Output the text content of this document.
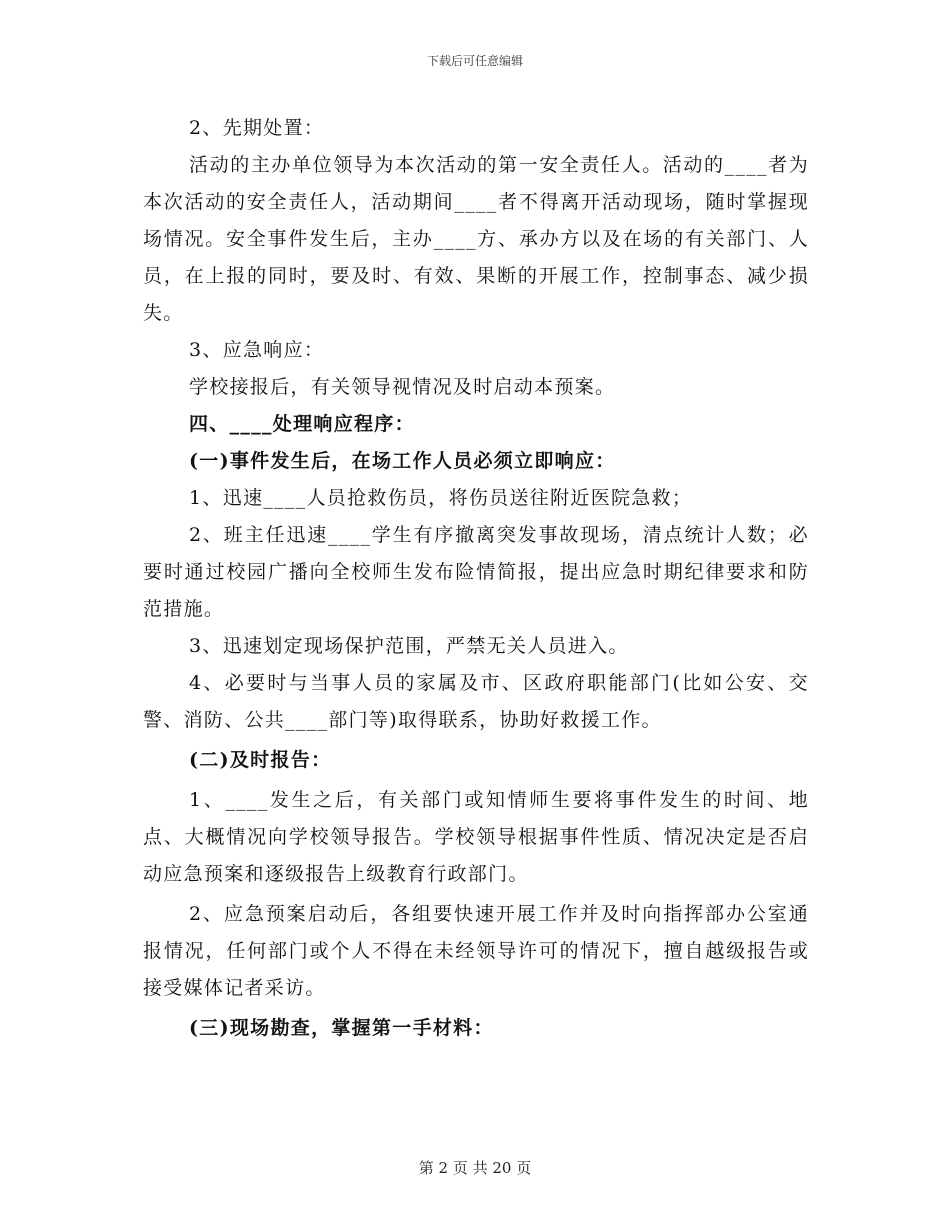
下载后可任意编辑

2、先期处置：

活动的主办单位领导为本次活动的第一安全责任人。活动的____者为本次活动的安全责任人，活动期间____者不得离开活动现场，随时掌握现场情况。安全事件发生后，主办____方、承办方以及在场的有关部门、人员，在上报的同时，要及时、有效、果断的开展工作，控制事态、减少损失。

3、应急响应：

学校接报后，有关领导视情况及时启动本预案。

四、____处理响应程序：

(一)事件发生后，在场工作人员必须立即响应：

1、迅速____人员抢救伤员，将伤员送往附近医院急救；

2、班主任迅速____学生有序撤离突发事故现场，清点统计人数；必要时通过校园广播向全校师生发布险情简报，提出应急时期纪律要求和防范措施。

3、迅速划定现场保护范围，严禁无关人员进入。

4、必要时与当事人员的家属及市、区政府职能部门(比如公安、交警、消防、公共____部门等)取得联系，协助好救援工作。

(二)及时报告：

1、____发生之后，有关部门或知情师生要将事件发生的时间、地点、大概情况向学校领导报告。学校领导根据事件性质、情况决定是否启动应急预案和逐级报告上级教育行政部门。

2、应急预案启动后，各组要快速开展工作并及时向指挥部办公室通报情况，任何部门或个人不得在未经领导许可的情况下，擅自越级报告或接受媒体记者采访。

(三)现场勘查，掌握第一手材料：

第 2 页 共 20 页
